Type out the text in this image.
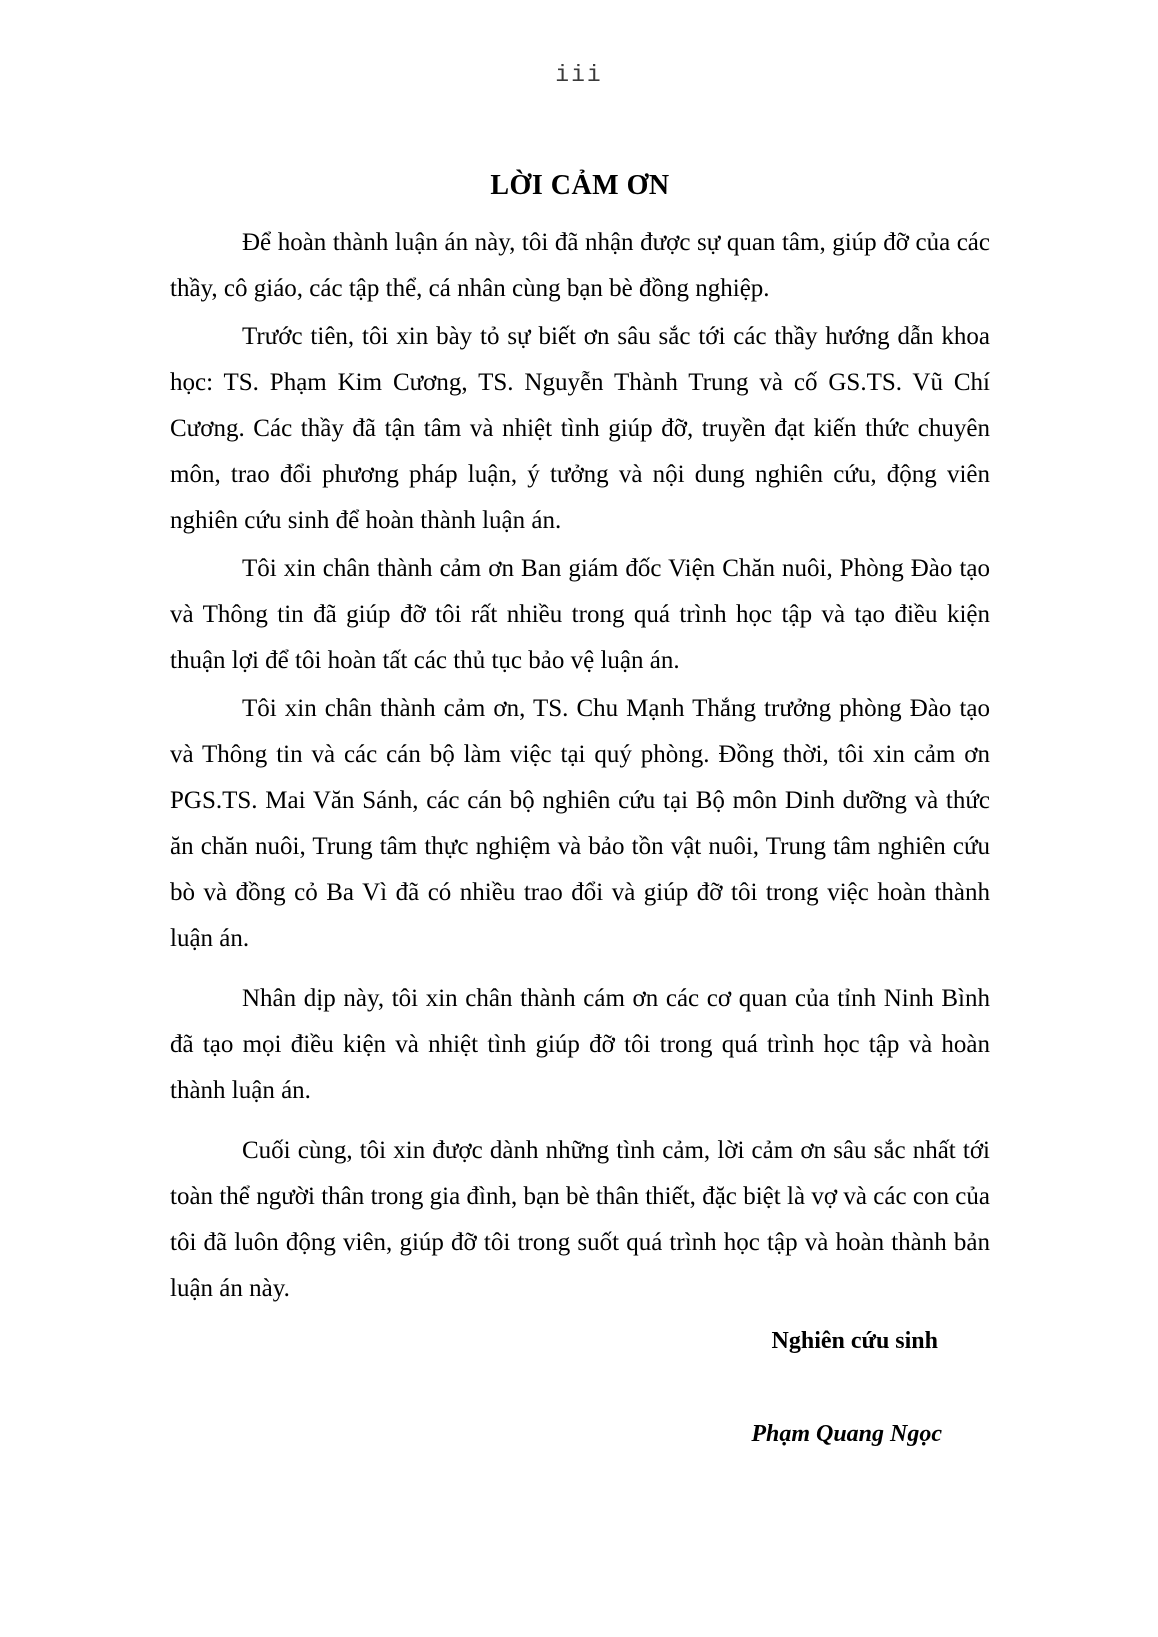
iii
LỜI CẢM ƠN

Để hoàn thành luận án này, tôi đã nhận được sự quan tâm, giúp đỡ của các thầy, cô giáo, các tập thể, cá nhân cùng bạn bè đồng nghiệp.

Trước tiên, tôi xin bày tỏ sự biết ơn sâu sắc tới các thầy hướng dẫn khoa học: TS. Phạm Kim Cương, TS. Nguyễn Thành Trung và cố GS.TS. Vũ Chí Cương. Các thầy đã tận tâm và nhiệt tình giúp đỡ, truyền đạt kiến thức chuyên môn, trao đổi phương pháp luận, ý tưởng và nội dung nghiên cứu, động viên nghiên cứu sinh để hoàn thành luận án.

Tôi xin chân thành cảm ơn Ban giám đốc Viện Chăn nuôi, Phòng Đào tạo và Thông tin đã giúp đỡ tôi rất nhiều trong quá trình học tập và tạo điều kiện thuận lợi để tôi hoàn tất các thủ tục bảo vệ luận án.

Tôi xin chân thành cảm ơn, TS. Chu Mạnh Thắng trưởng phòng Đào tạo và Thông tin và các cán bộ làm việc tại quý phòng. Đồng thời, tôi xin cảm ơn PGS.TS. Mai Văn Sánh, các cán bộ nghiên cứu tại Bộ môn Dinh dưỡng và thức ăn chăn nuôi, Trung tâm thực nghiệm và bảo tồn vật nuôi, Trung tâm nghiên cứu bò và đồng cỏ Ba Vì đã có nhiều trao đổi và giúp đỡ tôi trong việc hoàn thành luận án.

Nhân dịp này, tôi xin chân thành cám ơn các cơ quan của tỉnh Ninh Bình đã tạo mọi điều kiện và nhiệt tình giúp đỡ tôi trong quá trình học tập và hoàn thành luận án.

Cuối cùng, tôi xin được dành những tình cảm, lời cảm ơn sâu sắc nhất tới toàn thể người thân trong gia đình, bạn bè thân thiết, đặc biệt là vợ và các con của tôi đã luôn động viên, giúp đỡ tôi trong suốt quá trình học tập và hoàn thành bản luận án này.

Nghiên cứu sinh
Phạm Quang Ngọc
